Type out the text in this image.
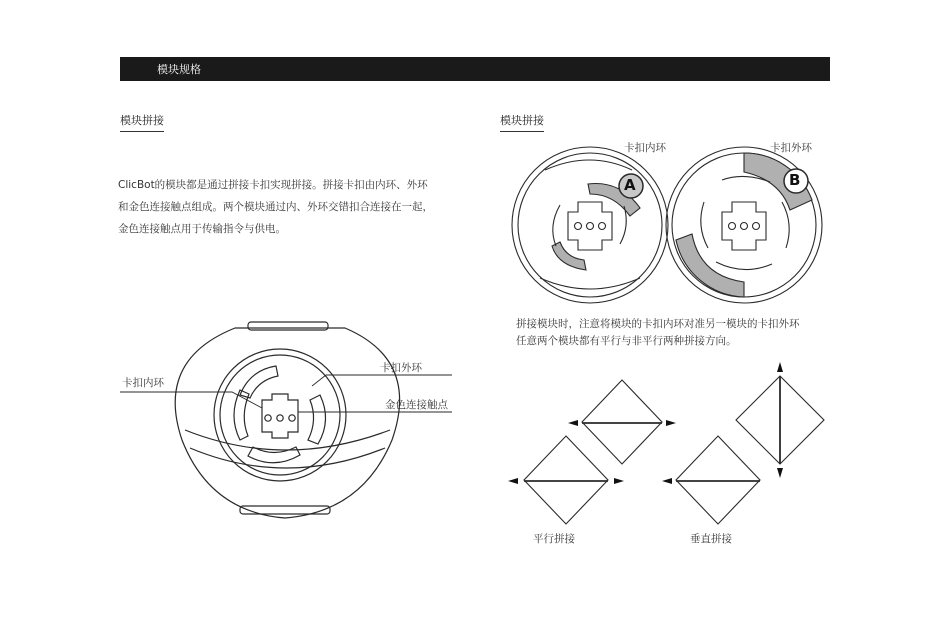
模块规格
模块拼接

ClicBot的模块都是通过拼接卡扣实现拼接。拼接卡扣由内环、外环

和金色连接触点组成。两个模块通过内、外环交错扣合连接在一起，

金色连接触点用于传输指令与供电。

卡扣内环
卡扣外环
金色连接触点
模块拼接
卡扣内环	卡扣外环
A	B

拼接模块时，注意将模块的卡扣内环对准另一模块的卡扣外环

任意两个模块都有平行与非平行两种拼接方向。

平行拼接	垂直拼接
